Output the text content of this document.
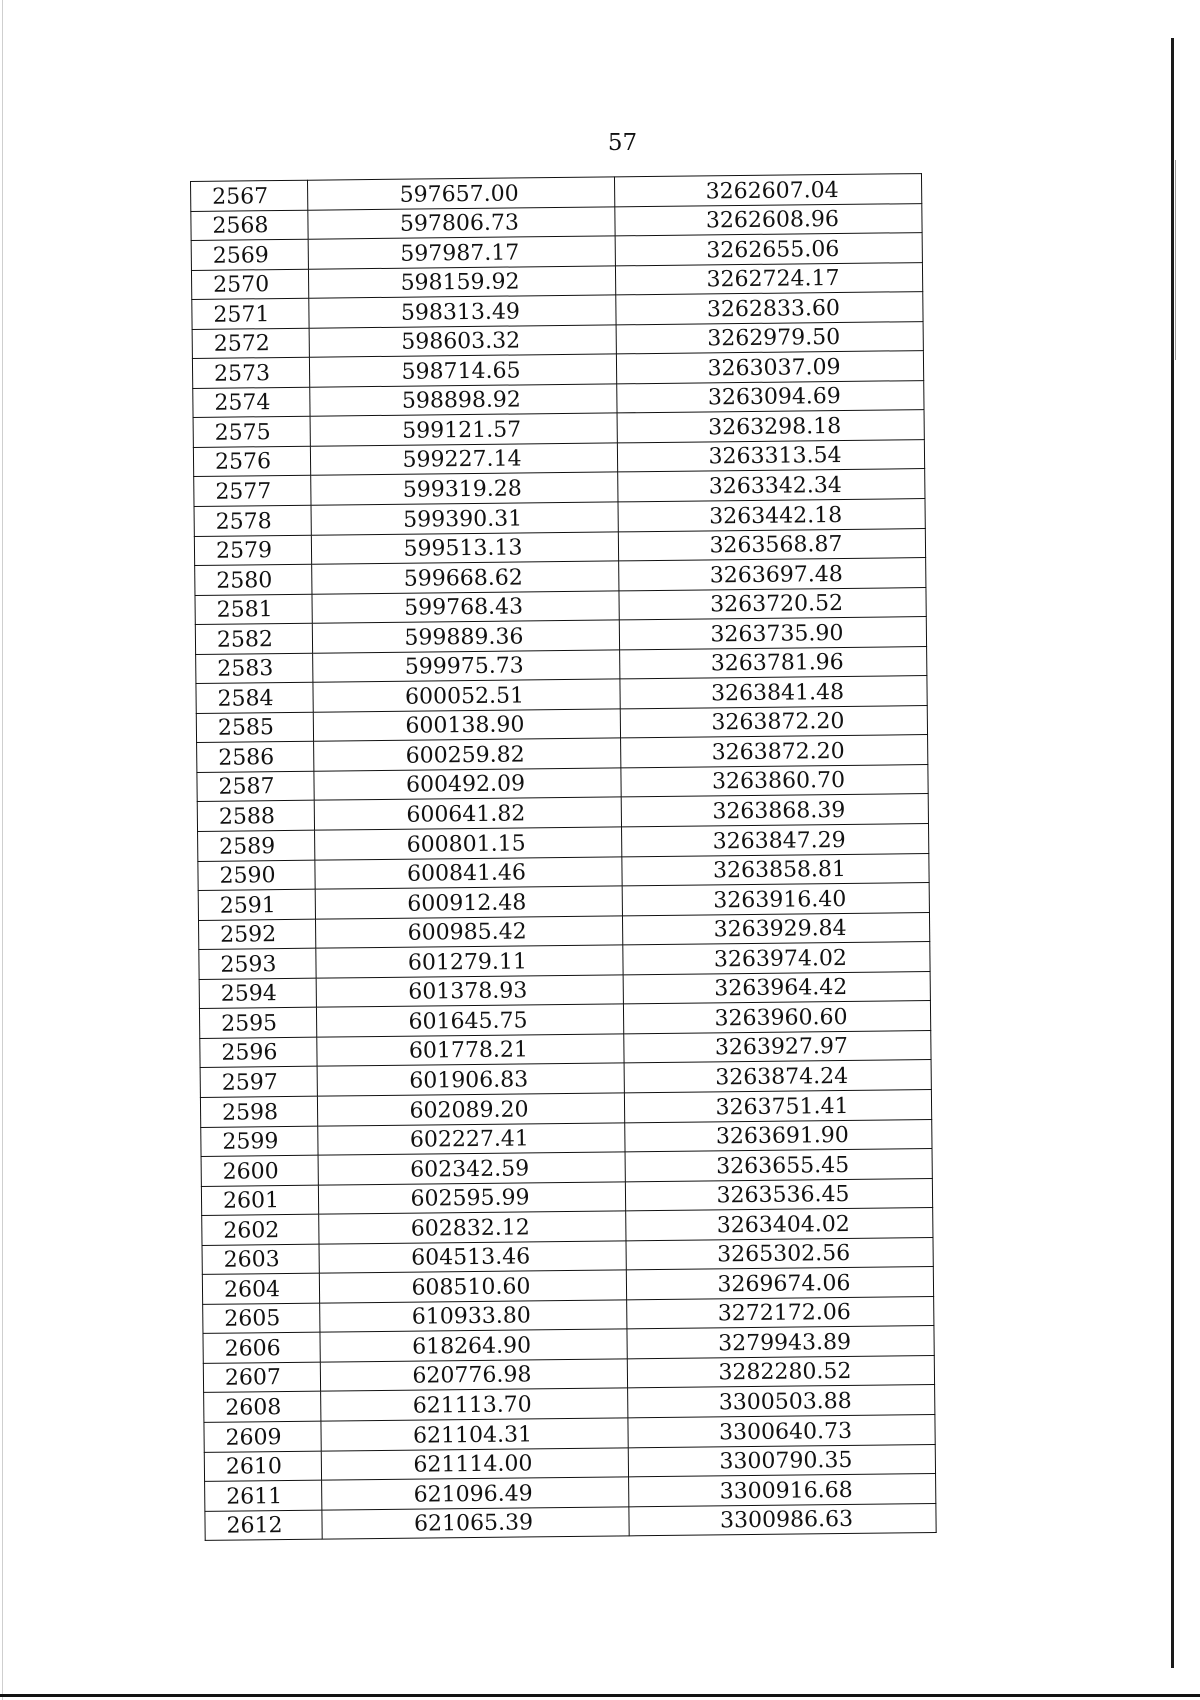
57
2567	597657.00	3262607.04
2568	597806.73	3262608.96
2569	597987.17	3262655.06
2570	598159.92	3262724.17
2571	598313.49	3262833.60
2572	598603.32	3262979.50
2573	598714.65	3263037.09
2574	598898.92	3263094.69
2575	599121.57	3263298.18
2576	599227.14	3263313.54
2577	599319.28	3263342.34
2578	599390.31	3263442.18
2579	599513.13	3263568.87
2580	599668.62	3263697.48
2581	599768.43	3263720.52
2582	599889.36	3263735.90
2583	599975.73	3263781.96
2584	600052.51	3263841.48
2585	600138.90	3263872.20
2586	600259.82	3263872.20
2587	600492.09	3263860.70
2588	600641.82	3263868.39
2589	600801.15	3263847.29
2590	600841.46	3263858.81
2591	600912.48	3263916.40
2592	600985.42	3263929.84
2593	601279.11	3263974.02
2594	601378.93	3263964.42
2595	601645.75	3263960.60
2596	601778.21	3263927.97
2597	601906.83	3263874.24
2598	602089.20	3263751.41
2599	602227.41	3263691.90
2600	602342.59	3263655.45
2601	602595.99	3263536.45
2602	602832.12	3263404.02
2603	604513.46	3265302.56
2604	608510.60	3269674.06
2605	610933.80	3272172.06
2606	618264.90	3279943.89
2607	620776.98	3282280.52
2608	621113.70	3300503.88
2609	621104.31	3300640.73
2610	621114.00	3300790.35
2611	621096.49	3300916.68
2612	621065.39	3300986.63
